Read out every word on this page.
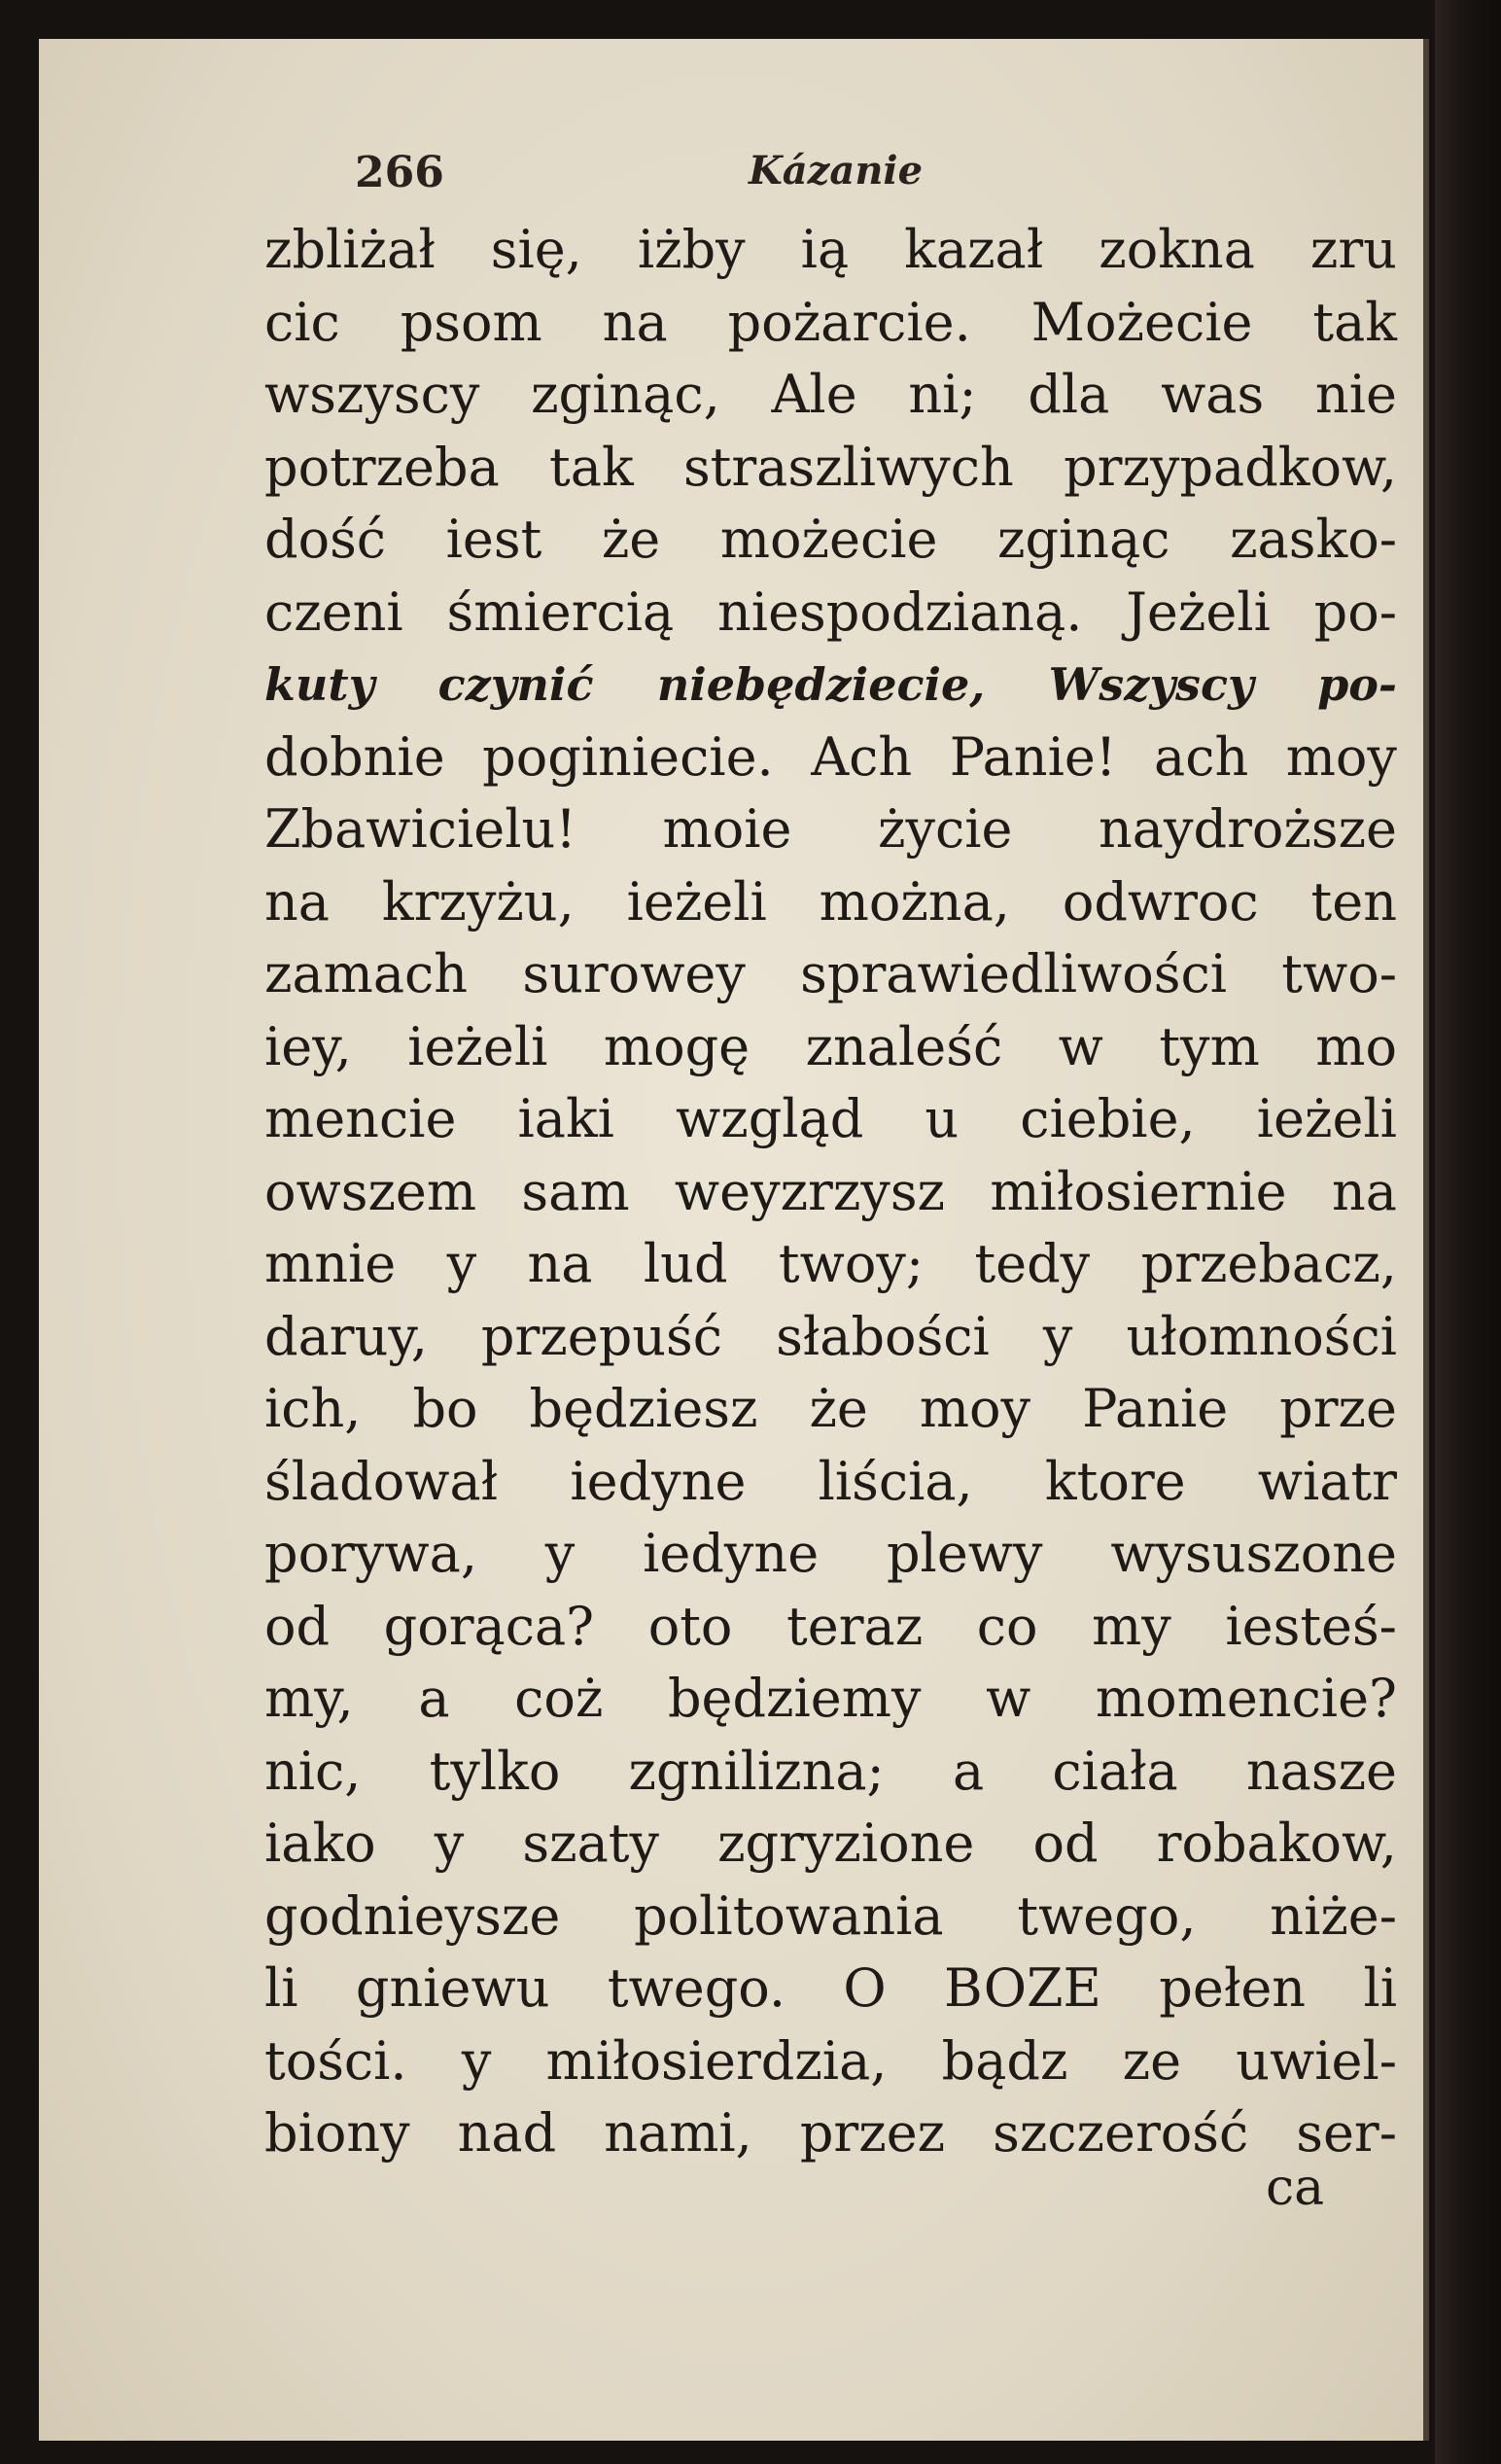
266	Kázanie
zbliżał się, iżby ią kazał zokna zru
cic psom na pożarcie. Możecie tak
wszyscy zginąc, Ale ni; dla was nie
potrzeba tak straszliwych przypadkow,
dość iest że możecie zginąc zasko-
czeni śmiercią niespodzianą. Jeżeli po-
kuty czynić niebędziecie, Wszyscy po-
dobnie poginiecie. Ach Panie! ach moy
Zbawicielu! moie życie naydroższe
na krzyżu, ieżeli można, odwroc ten
zamach surowey sprawiedliwości two-
iey, ieżeli mogę znaleść w tym mo
mencie iaki wzgląd u ciebie, ieżeli
owszem sam weyzrzysz miłosiernie na
mnie y na lud twoy; tedy przebacz,
daruy, przepuść słabości y ułomności
ich, bo będziesz że moy Panie prze
śladował iedyne liścia, ktore wiatr
porywa, y iedyne plewy wysuszone
od gorąca? oto teraz co my iesteś-
my, a coż będziemy w momencie?
nic, tylko zgnilizna; a ciała nasze
iako y szaty zgryzione od robakow,
godnieysze politowania twego, niże-
li gniewu twego. O BOZE pełen li
tości. y miłosierdzia, bądz ze uwiel-
biony nad nami, przez szczerość ser-
ca
